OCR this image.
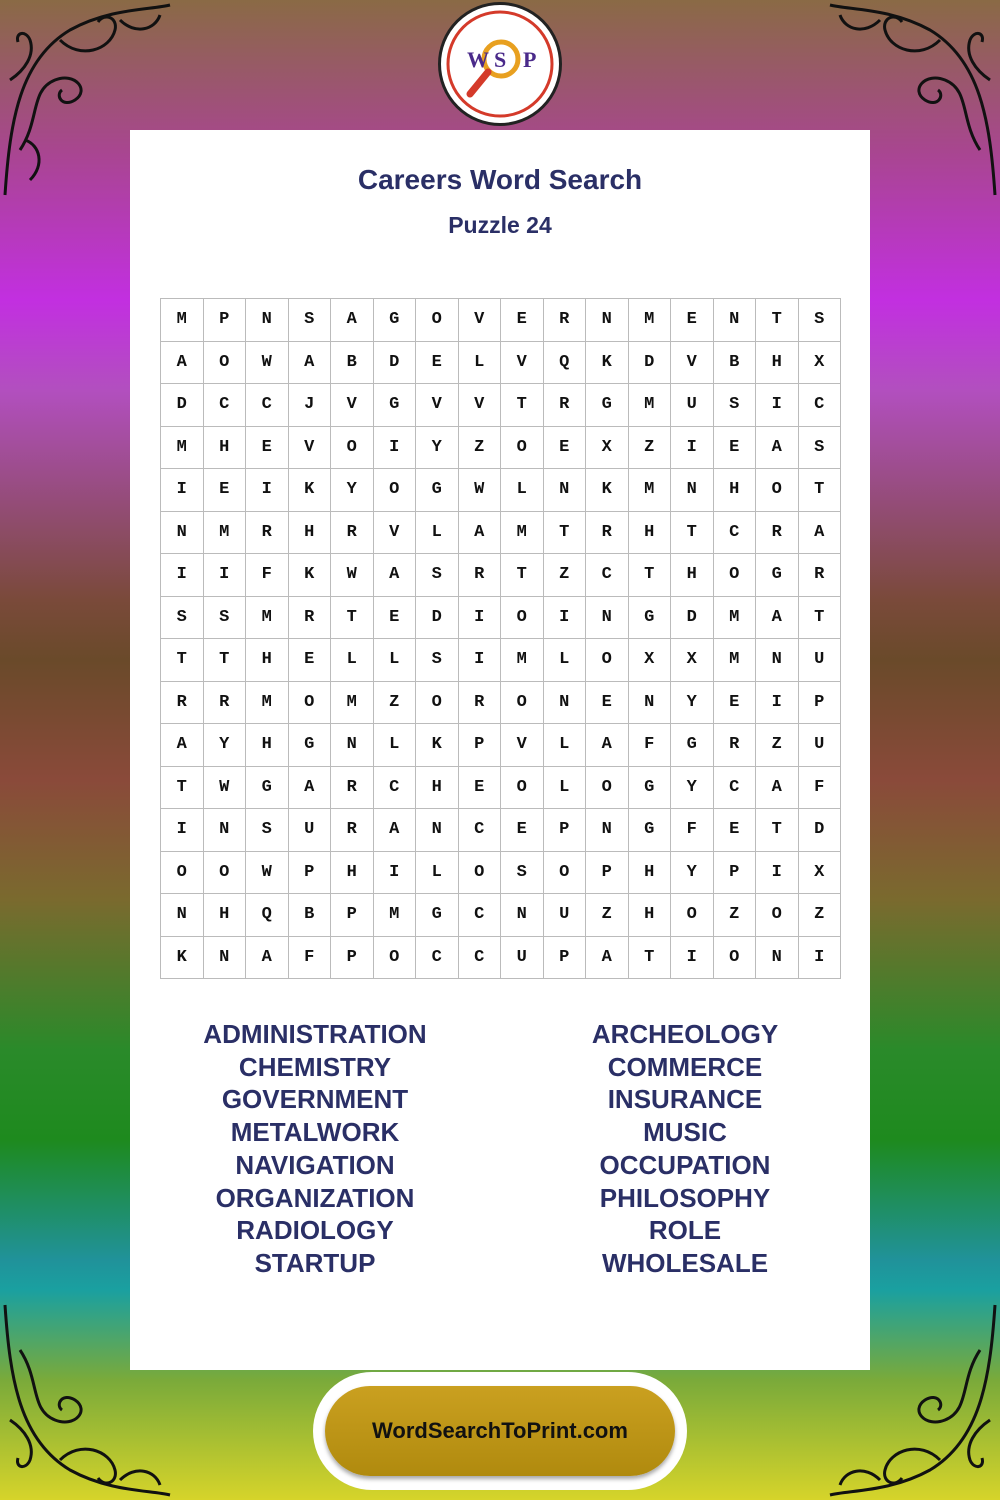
W S P
Careers Word Search
Puzzle 24
M	P	N	S	A	G	O	V	E	R	N	M	E	N	T	S
A	O	W	A	B	D	E	L	V	Q	K	D	V	B	H	X
D	C	C	J	V	G	V	V	T	R	G	M	U	S	I	C
M	H	E	V	O	I	Y	Z	O	E	X	Z	I	E	A	S
I	E	I	K	Y	O	G	W	L	N	K	M	N	H	O	T
N	M	R	H	R	V	L	A	M	T	R	H	T	C	R	A
I	I	F	K	W	A	S	R	T	Z	C	T	H	O	G	R
S	S	M	R	T	E	D	I	O	I	N	G	D	M	A	T
T	T	H	E	L	L	S	I	M	L	O	X	X	M	N	U
R	R	M	O	M	Z	O	R	O	N	E	N	Y	E	I	P
A	Y	H	G	N	L	K	P	V	L	A	F	G	R	Z	U
T	W	G	A	R	C	H	E	O	L	O	G	Y	C	A	F
I	N	S	U	R	A	N	C	E	P	N	G	F	E	T	D
O	O	W	P	H	I	L	O	S	O	P	H	Y	P	I	X
N	H	Q	B	P	M	G	C	N	U	Z	H	O	Z	O	Z
K	N	A	F	P	O	C	C	U	P	A	T	I	O	N	I
ADMINISTRATION
CHEMISTRY
GOVERNMENT
METALWORK
NAVIGATION
ORGANIZATION
RADIOLOGY
STARTUP
ARCHEOLOGY
COMMERCE
INSURANCE
MUSIC
OCCUPATION
PHILOSOPHY
ROLE
WHOLESALE
WordSearchToPrint.com
